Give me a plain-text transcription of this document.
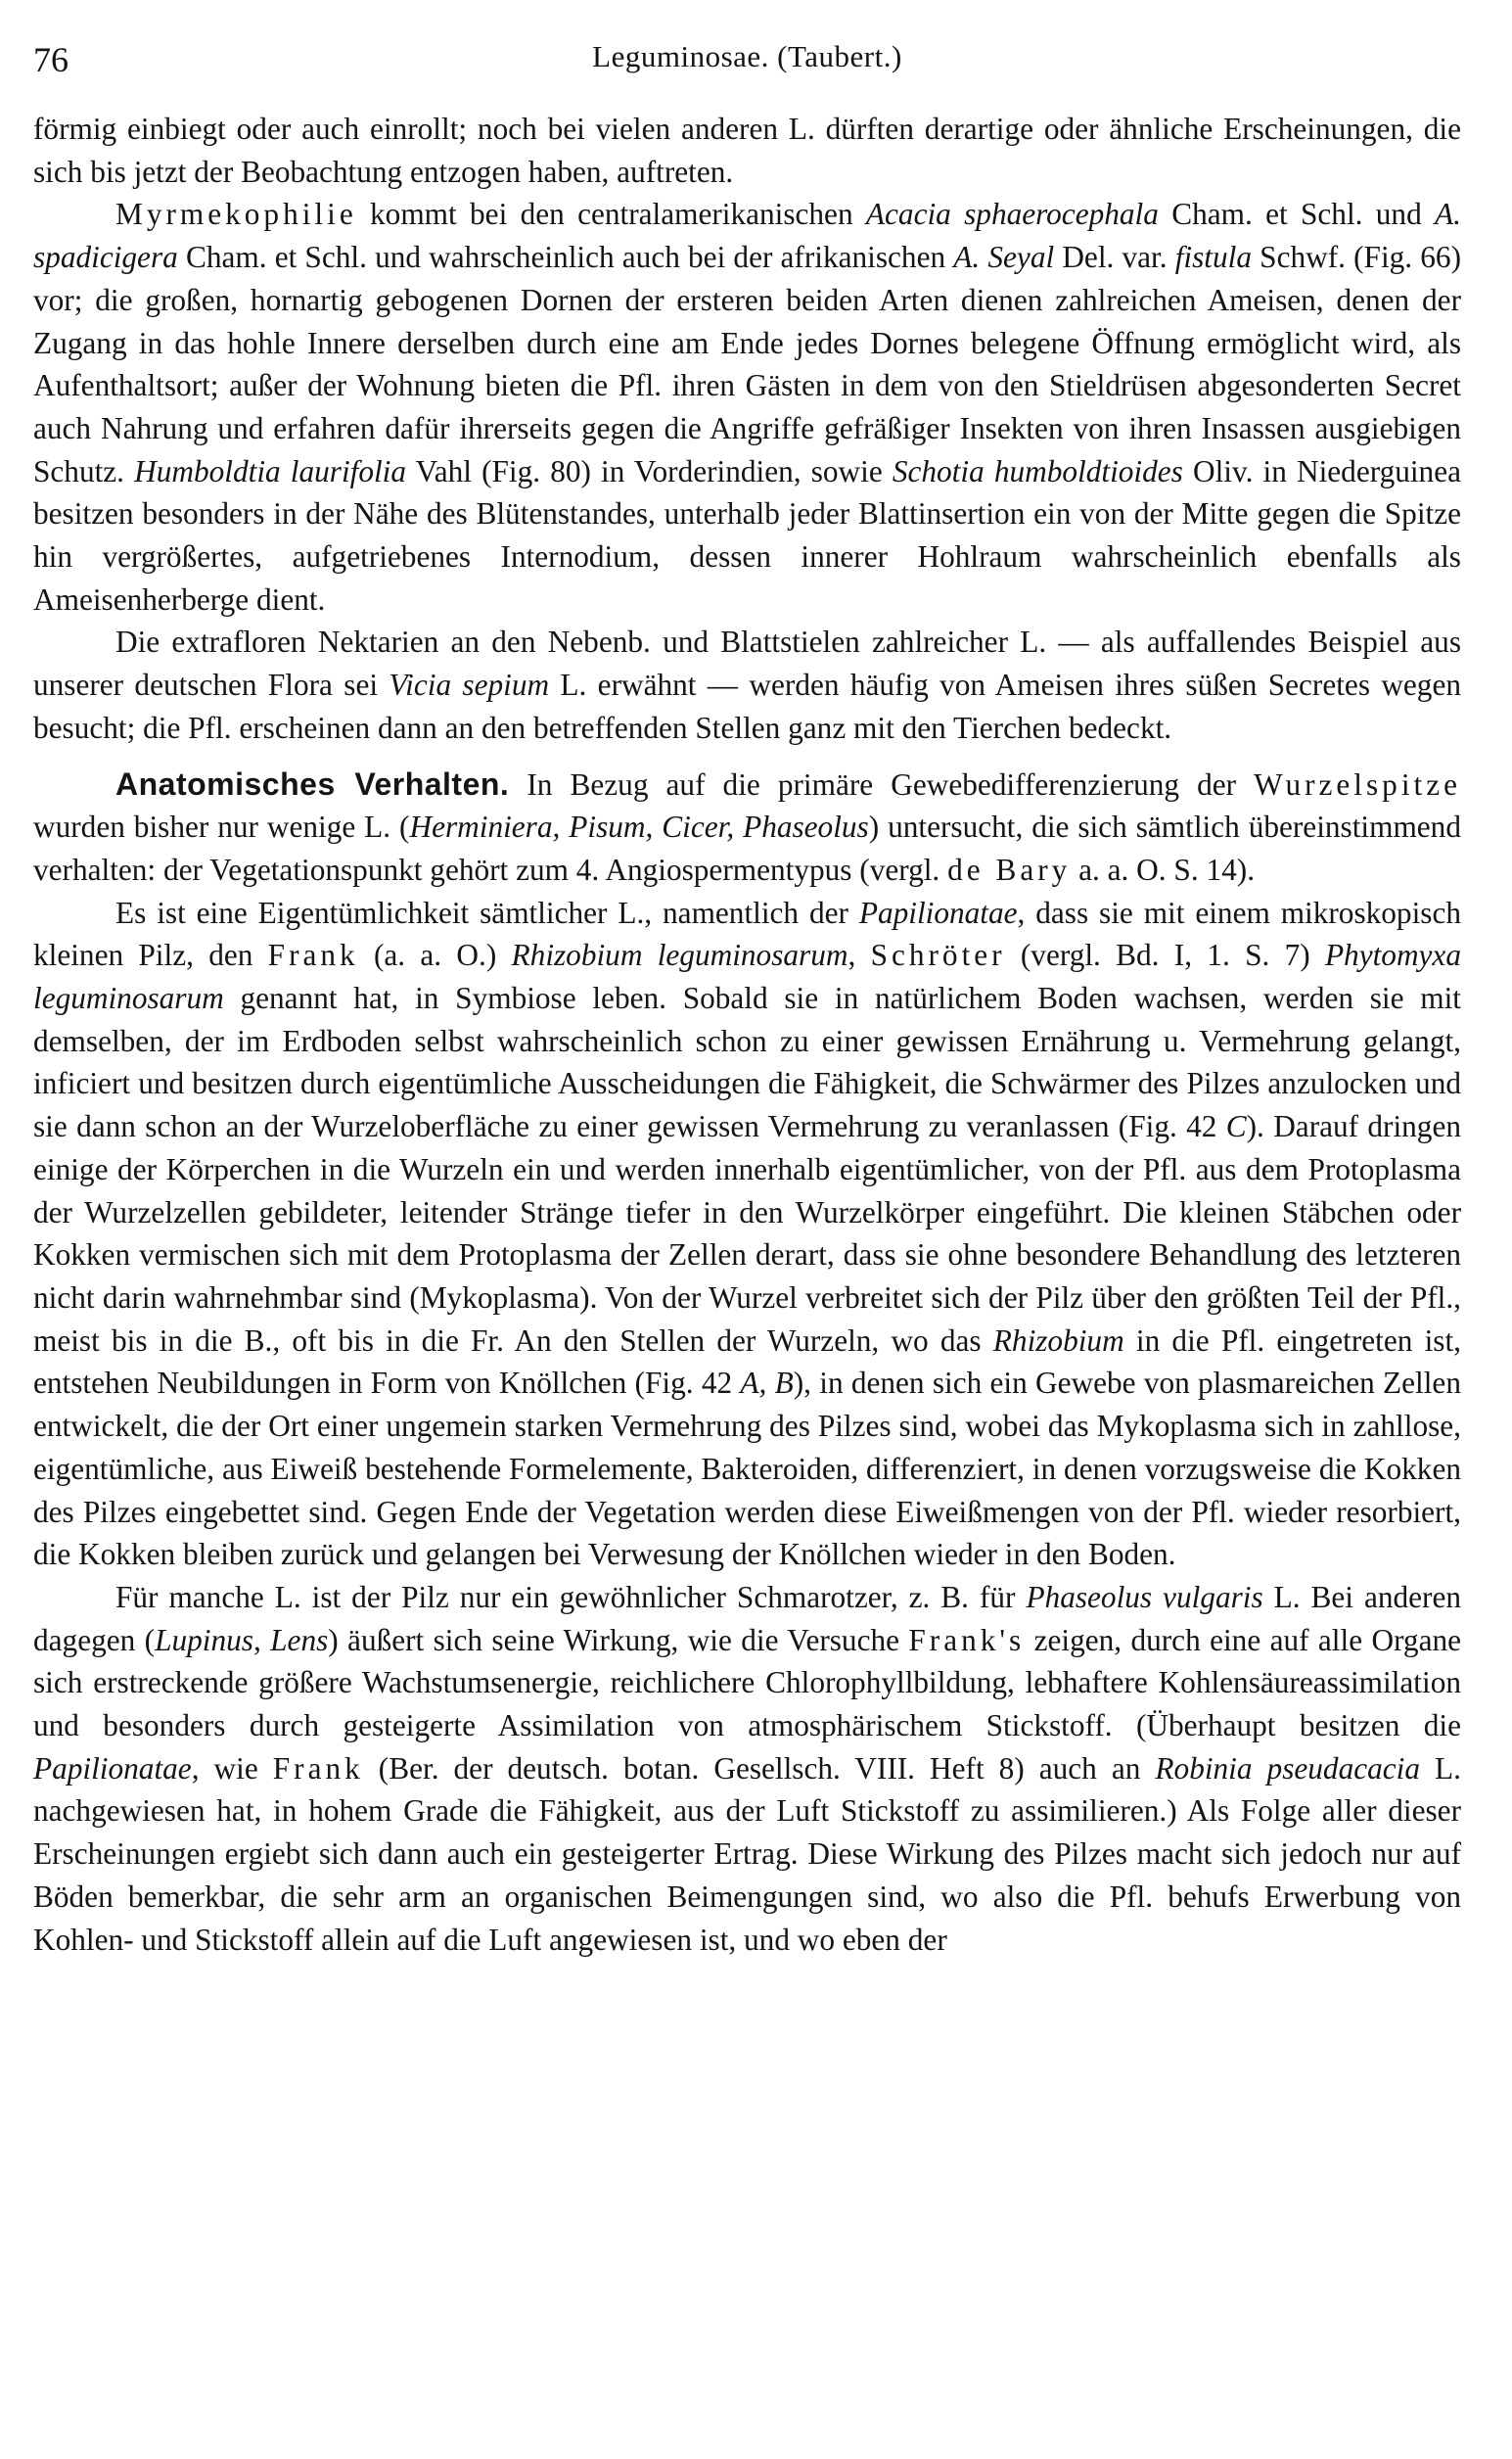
76	Leguminosae. (Taubert.)

förmig einbiegt oder auch einrollt; noch bei vielen anderen L. dürften derartige oder ähnliche Erscheinungen, die sich bis jetzt der Beobachtung entzogen haben, auftreten.

Myrmekophilie kommt bei den centralamerikanischen Acacia sphaerocephala Cham. et Schl. und A. spadicigera Cham. et Schl. und wahrscheinlich auch bei der afrikanischen A. Seyal Del. var. fistula Schwf. (Fig. 66) vor; die großen, hornartig gebogenen Dornen der ersteren beiden Arten dienen zahlreichen Ameisen, denen der Zugang in das hohle Innere derselben durch eine am Ende jedes Dornes belegene Öffnung ermöglicht wird, als Aufenthaltsort; außer der Wohnung bieten die Pfl. ihren Gästen in dem von den Stieldrüsen abgesonderten Secret auch Nahrung und erfahren dafür ihrerseits gegen die Angriffe gefräßiger Insekten von ihren Insassen ausgiebigen Schutz. Humboldtia laurifolia Vahl (Fig. 80) in Vorderindien, sowie Schotia humboldtioides Oliv. in Niederguinea besitzen besonders in der Nähe des Blütenstandes, unterhalb jeder Blattinsertion ein von der Mitte gegen die Spitze hin vergrößertes, aufgetriebenes Internodium, dessen innerer Hohlraum wahrscheinlich ebenfalls als Ameisenherberge dient.

Die extrafloren Nektarien an den Nebenb. und Blattstielen zahlreicher L. — als auffallendes Beispiel aus unserer deutschen Flora sei Vicia sepium L. erwähnt — werden häufig von Ameisen ihres süßen Secretes wegen besucht; die Pfl. erscheinen dann an den betreffenden Stellen ganz mit den Tierchen bedeckt.

Anatomisches Verhalten. In Bezug auf die primäre Gewebedifferenzierung der Wurzelspitze wurden bisher nur wenige L. (Herminiera, Pisum, Cicer, Phaseolus) untersucht, die sich sämtlich übereinstimmend verhalten: der Vegetationspunkt gehört zum 4. Angiospermentypus (vergl. de Bary a. a. O. S. 14).

Es ist eine Eigentümlichkeit sämtlicher L., namentlich der Papilionatae, dass sie mit einem mikroskopisch kleinen Pilz, den Frank (a. a. O.) Rhizobium leguminosarum, Schröter (vergl. Bd. I, 1. S. 7) Phytomyxa leguminosarum genannt hat, in Symbiose leben. Sobald sie in natürlichem Boden wachsen, werden sie mit demselben, der im Erdboden selbst wahrscheinlich schon zu einer gewissen Ernährung u. Vermehrung gelangt, inficiert und besitzen durch eigentümliche Ausscheidungen die Fähigkeit, die Schwärmer des Pilzes anzulocken und sie dann schon an der Wurzeloberfläche zu einer gewissen Vermehrung zu veranlassen (Fig. 42 C). Darauf dringen einige der Körperchen in die Wurzeln ein und werden innerhalb eigentümlicher, von der Pfl. aus dem Protoplasma der Wurzelzellen gebildeter, leitender Stränge tiefer in den Wurzelkörper eingeführt. Die kleinen Stäbchen oder Kokken vermischen sich mit dem Protoplasma der Zellen derart, dass sie ohne besondere Behandlung des letzteren nicht darin wahrnehmbar sind (Mykoplasma). Von der Wurzel verbreitet sich der Pilz über den größten Teil der Pfl., meist bis in die B., oft bis in die Fr. An den Stellen der Wurzeln, wo das Rhizobium in die Pfl. eingetreten ist, entstehen Neubildungen in Form von Knöllchen (Fig. 42 A, B), in denen sich ein Gewebe von plasmareichen Zellen entwickelt, die der Ort einer ungemein starken Vermehrung des Pilzes sind, wobei das Mykoplasma sich in zahllose, eigentümliche, aus Eiweiß bestehende Formelemente, Bakteroiden, differenziert, in denen vorzugsweise die Kokken des Pilzes eingebettet sind. Gegen Ende der Vegetation werden diese Eiweißmengen von der Pfl. wieder resorbiert, die Kokken bleiben zurück und gelangen bei Verwesung der Knöllchen wieder in den Boden.

Für manche L. ist der Pilz nur ein gewöhnlicher Schmarotzer, z. B. für Phaseolus vulgaris L. Bei anderen dagegen (Lupinus, Lens) äußert sich seine Wirkung, wie die Versuche Frank's zeigen, durch eine auf alle Organe sich erstreckende größere Wachstumsenergie, reichlichere Chlorophyllbildung, lebhaftere Kohlensäureassimilation und besonders durch gesteigerte Assimilation von atmosphärischem Stickstoff. (Überhaupt besitzen die Papilionatae, wie Frank (Ber. der deutsch. botan. Gesellsch. VIII. Heft 8) auch an Robinia pseudacacia L. nachgewiesen hat, in hohem Grade die Fähigkeit, aus der Luft Stickstoff zu assimilieren.) Als Folge aller dieser Erscheinungen ergiebt sich dann auch ein gesteigerter Ertrag. Diese Wirkung des Pilzes macht sich jedoch nur auf Böden bemerkbar, die sehr arm an organischen Beimengungen sind, wo also die Pfl. behufs Erwerbung von Kohlen- und Stickstoff allein auf die Luft angewiesen ist, und wo eben der
